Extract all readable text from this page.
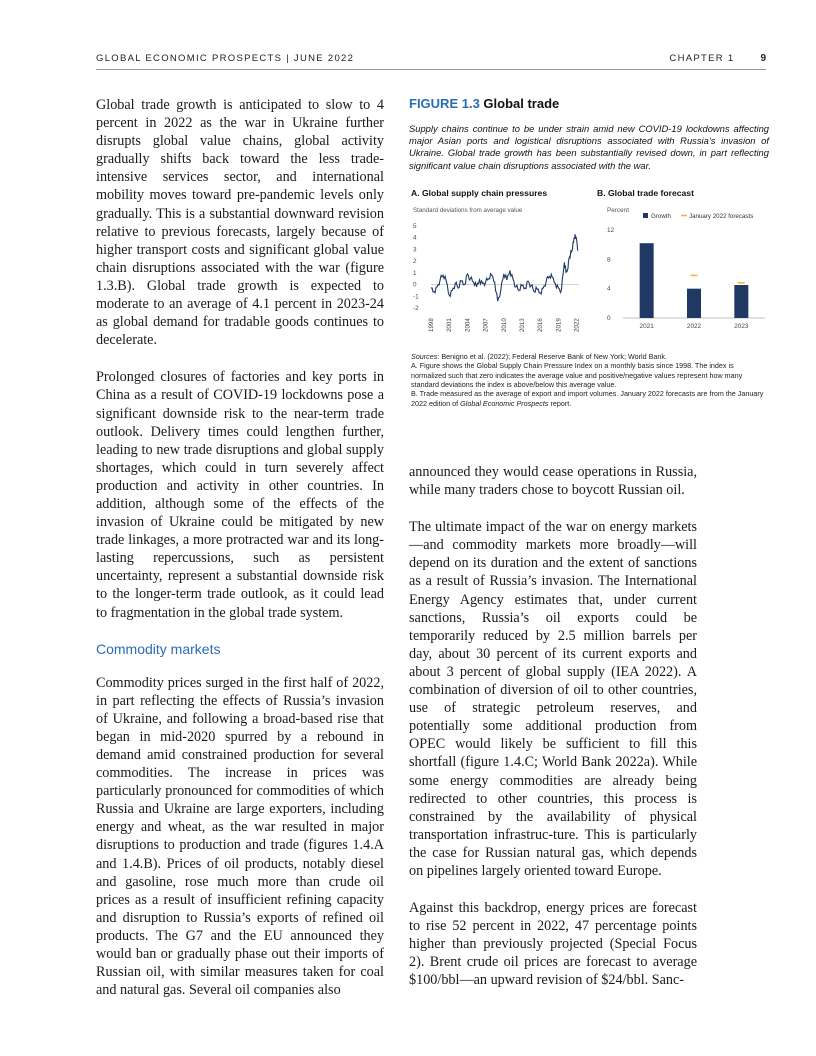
GLOBAL ECONOMIC PROSPECTS | JUNE 2022	CHAPTER 1	9

Global trade growth is anticipated to slow to 4 percent in 2022 as the war in Ukraine further disrupts global value chains, global activity gradually shifts back toward the less trade-intensive services sector, and international mobility moves toward pre-pandemic levels only gradually. This is a substantial downward revision relative to previous forecasts, largely because of higher transport costs and significant global value chain disruptions associated with the war (figure 1.3.B). Global trade growth is expected to moderate to an average of 4.1 percent in 2023-24 as global demand for tradable goods continues to decelerate.

Prolonged closures of factories and key ports in China as a result of COVID-19 lockdowns pose a significant downside risk to the near-term trade outlook. Delivery times could lengthen further, leading to new trade disruptions and global supply shortages, which could in turn severely affect production and activity in other countries. In addition, although some of the effects of the invasion of Ukraine could be mitigated by new trade linkages, a more protracted war and its long-lasting repercussions, such as persistent uncertainty, represent a substantial downside risk to the longer-term trade outlook, as it could lead to fragmentation in the global trade system.

Commodity markets

Commodity prices surged in the first half of 2022, in part reflecting the effects of Russia’s invasion of Ukraine, and following a broad-based rise that began in mid-2020 spurred by a rebound in demand amid constrained production for several commodities. The increase in prices was particularly pronounced for commodities of which Russia and Ukraine are large exporters, including energy and wheat, as the war resulted in major disruptions to production and trade (figures 1.4.A and 1.4.B). Prices of oil products, notably diesel and gasoline, rose much more than crude oil prices as a result of insufficient refining capacity and disruption to Russia’s exports of refined oil products. The G7 and the EU announced they would ban or gradually phase out their imports of Russian oil, with similar measures taken for coal and natural gas. Several oil companies also

FIGURE 1.3 Global trade

Supply chains continue to be under strain amid new COVID-19 lockdowns affecting major Asian ports and logistical disruptions associated with Russia’s invasion of Ukraine. Global trade growth has been substantially revised down, in part reflecting significant value chain disruptions associated with the war.

A. Global supply chain pressures	B. Global trade forecast
Standard deviations from average value
5
4
3
2
1
0
-1
-2
1998 2001 2004 2007 2010 2013 2016 2019 2022
Percent
12
8
4
0
Growth	January 2022 forecasts
2021	2022	2023
Sources: Benigno et al. (2022); Federal Reserve Bank of New York; World Bank.
A. Figure shows the Global Supply Chain Pressure Index on a monthly basis since 1998. The index is normalized such that zero indicates the average value and positive/negative values represent how many standard deviations the index is above/below this average value.
B. Trade measured as the average of export and import volumes. January 2022 forecasts are from the January 2022 edition of Global Economic Prospects report.

announced they would cease operations in Russia, while many traders chose to boycott Russian oil.

The ultimate impact of the war on energy markets—and commodity markets more broadly—will depend on its duration and the extent of sanctions as a result of Russia’s invasion. The International Energy Agency estimates that, under current sanctions, Russia’s oil exports could be temporarily reduced by 2.5 million barrels per day, about 30 percent of its current exports and about 3 percent of global supply (IEA 2022). A combination of diversion of oil to other countries, use of strategic petroleum reserves, and potentially some additional production from OPEC would likely be sufficient to fill this shortfall (figure 1.4.C; World Bank 2022a). While some energy commodities are already being redirected to other countries, this process is constrained by the availability of physical transportation infrastruc-ture. This is particularly the case for Russian natural gas, which depends on pipelines largely oriented toward Europe.

Against this backdrop, energy prices are forecast to rise 52 percent in 2022, 47 percentage points higher than previously projected (Special Focus 2). Brent crude oil prices are forecast to average $100/bbl—an upward revision of $24/bbl. Sanc-
